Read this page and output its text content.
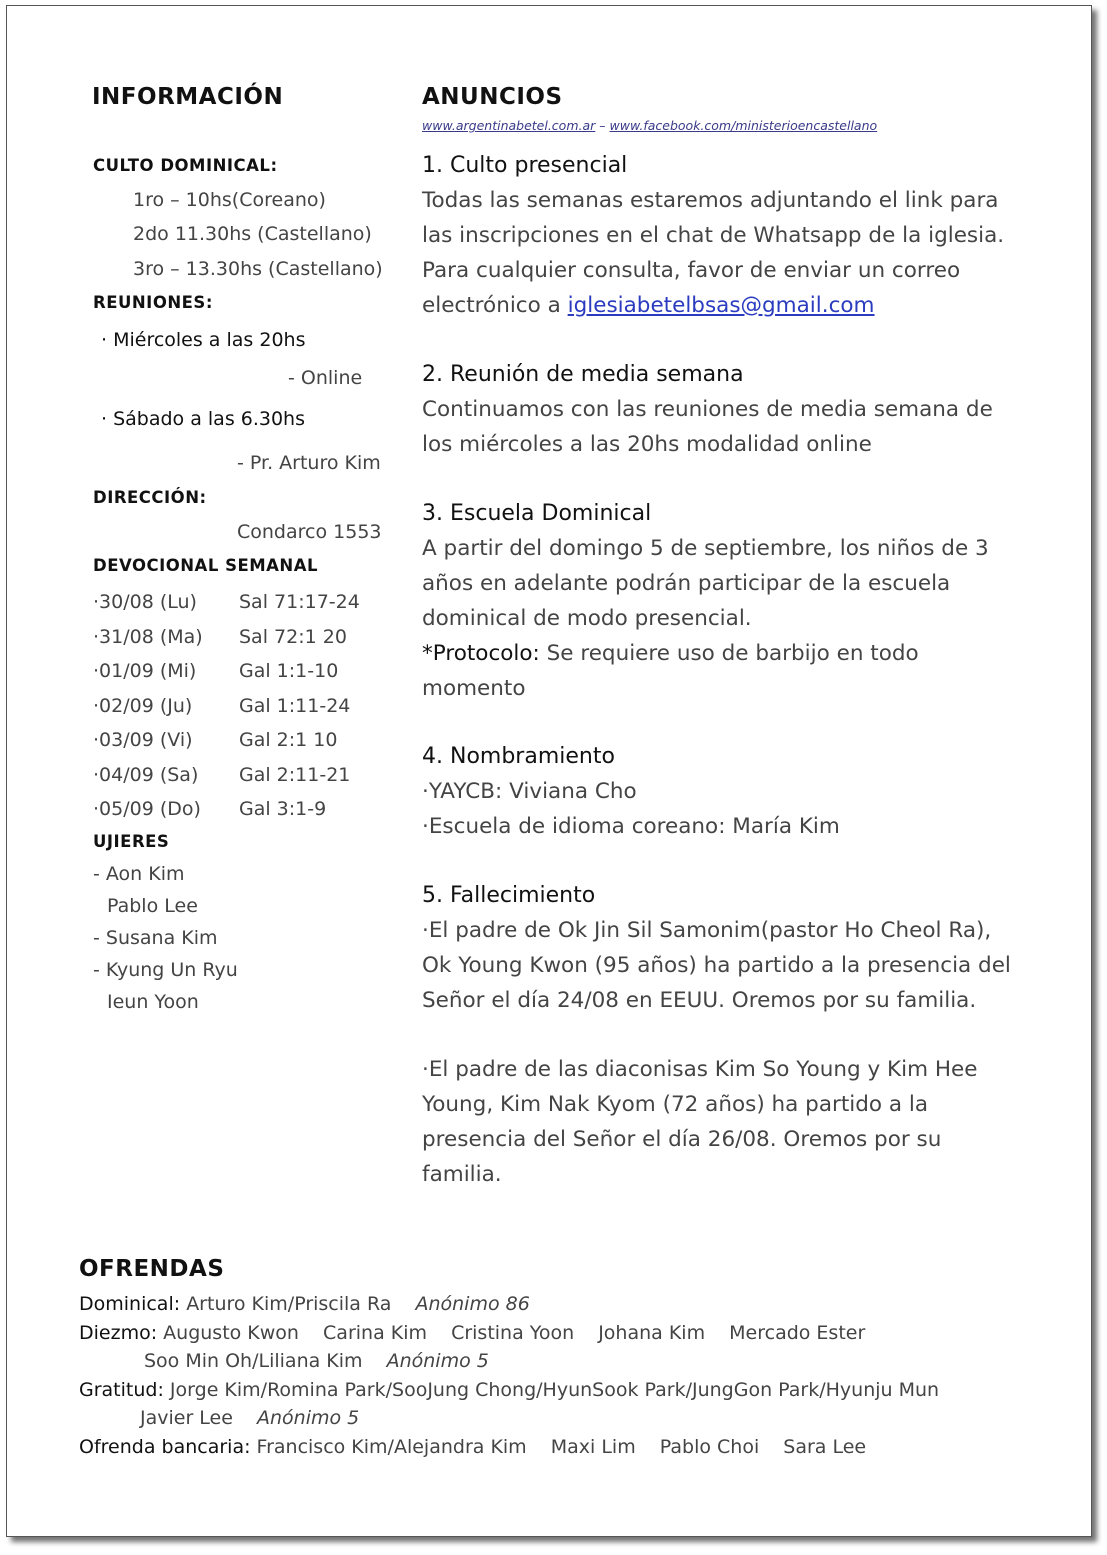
INFORMACIÓN
CULTO DOMINICAL:
1ro – 10hs(Coreano)
2do 11.30hs (Castellano)
3ro – 13.30hs (Castellano)
REUNIONES:
· Miércoles a las 20hs
- Online
· Sábado a las 6.30hs
- Pr. Arturo Kim
DIRECCIÓN:
Condarco 1553
DEVOCIONAL SEMANAL
UJIERES
- Aon Kim
Pablo Lee
- Susana Kim
- Kyung Un Ryu
Ieun Yoon
ANUNCIOS
www.argentinabetel.com.ar – www.facebook.com/ministerioencastellano
1. Culto presencial
Todas las semanas estaremos adjuntando el link para
las inscripciones en el chat de Whatsapp de la iglesia.
Para cualquier consulta, favor de enviar un correo
electrónico a iglesiabetelbsas@gmail.com
2. Reunión de media semana
Continuamos con las reuniones de media semana de
los miércoles a las 20hs modalidad online
3. Escuela Dominical
A partir del domingo 5 de septiembre, los niños de 3
años en adelante podrán participar de la escuela
dominical de modo presencial.
*Protocolo: Se requiere uso de barbijo en todo
momento
4. Nombramiento
·YAYCB: Viviana Cho
·Escuela de idioma coreano: María Kim
5. Fallecimiento
·El padre de Ok Jin Sil Samonim(pastor Ho Cheol Ra),
Ok Young Kwon (95 años) ha partido a la presencia del
Señor el día 24/08 en EEUU. Oremos por su familia.
·El padre de las diaconisas Kim So Young y Kim Hee
Young, Kim Nak Kyom (72 años) ha partido a la
presencia del Señor el día 26/08. Oremos por su
familia.
OFRENDAS
Dominical: Arturo Kim/Priscila Ra Anónimo 86
Diezmo: Augusto Kwon Carina Kim Cristina Yoon Johana Kim Mercado Ester
Soo Min Oh/Liliana Kim Anónimo 5
Gratitud: Jorge Kim/Romina Park/SooJung Chong/HyunSook Park/JungGon Park/Hyunju Mun
Javier Lee Anónimo 5
Ofrenda bancaria: Francisco Kim/Alejandra Kim Maxi Lim Pablo Choi Sara Lee
·30/08 (Lu) Sal 71:17-24
·31/08 (Ma) Sal 72:1 20
·01/09 (Mi) Gal 1:1-10
·02/09 (Ju) Gal 1:11-24
·03/09 (Vi) Gal 2:1 10
·04/09 (Sa) Gal 2:11-21
·05/09 (Do) Gal 3:1-9
